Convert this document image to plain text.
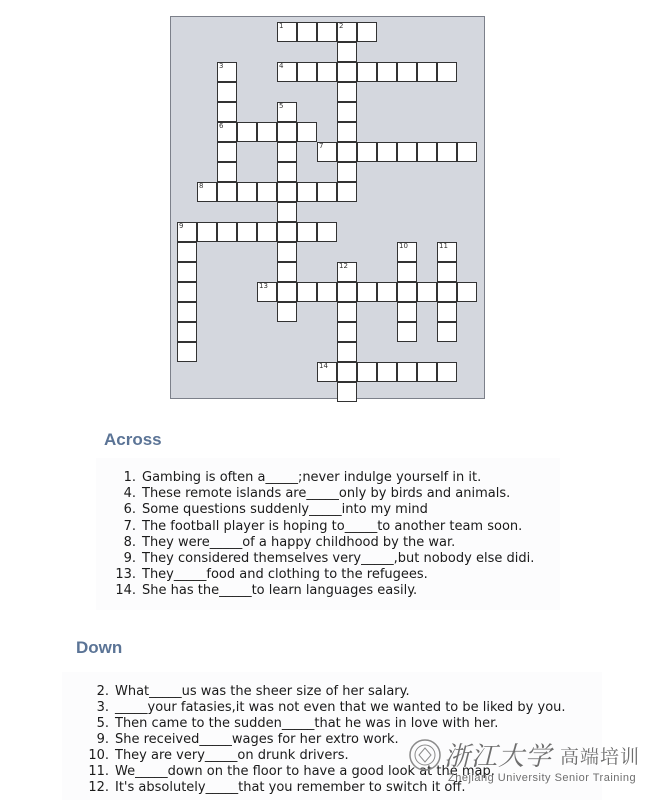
1	2
3
6
4
5
7
8
9
10	11
12
13
14
Across
1. Gambing is often a_____;never indulge yourself in it.
4. These remote islands are_____only by birds and animals.
6. Some questions suddenly_____into my mind
7. The football player is hoping to_____to another team soon.
8. They were_____of a happy childhood by the war.
9. They considered themselves very_____,but nobody else didi.
13. They_____food and clothing to the refugees.
14. She has the_____to learn languages easily.
Down
2. What_____us was the sheer size of her salary.
3. _____your fatasies,it was not even that we wanted to be liked by you.
5. Then came to the sudden_____that he was in love with her.
9. She received_____wages for her extro work.
10. They are very_____on drunk drivers.
11. We_____down on the floor to have a good look at the map.
12. It's absolutely_____that you remember to switch it off.
浙江大学 高端培训
Zhejiang University Senior Training
